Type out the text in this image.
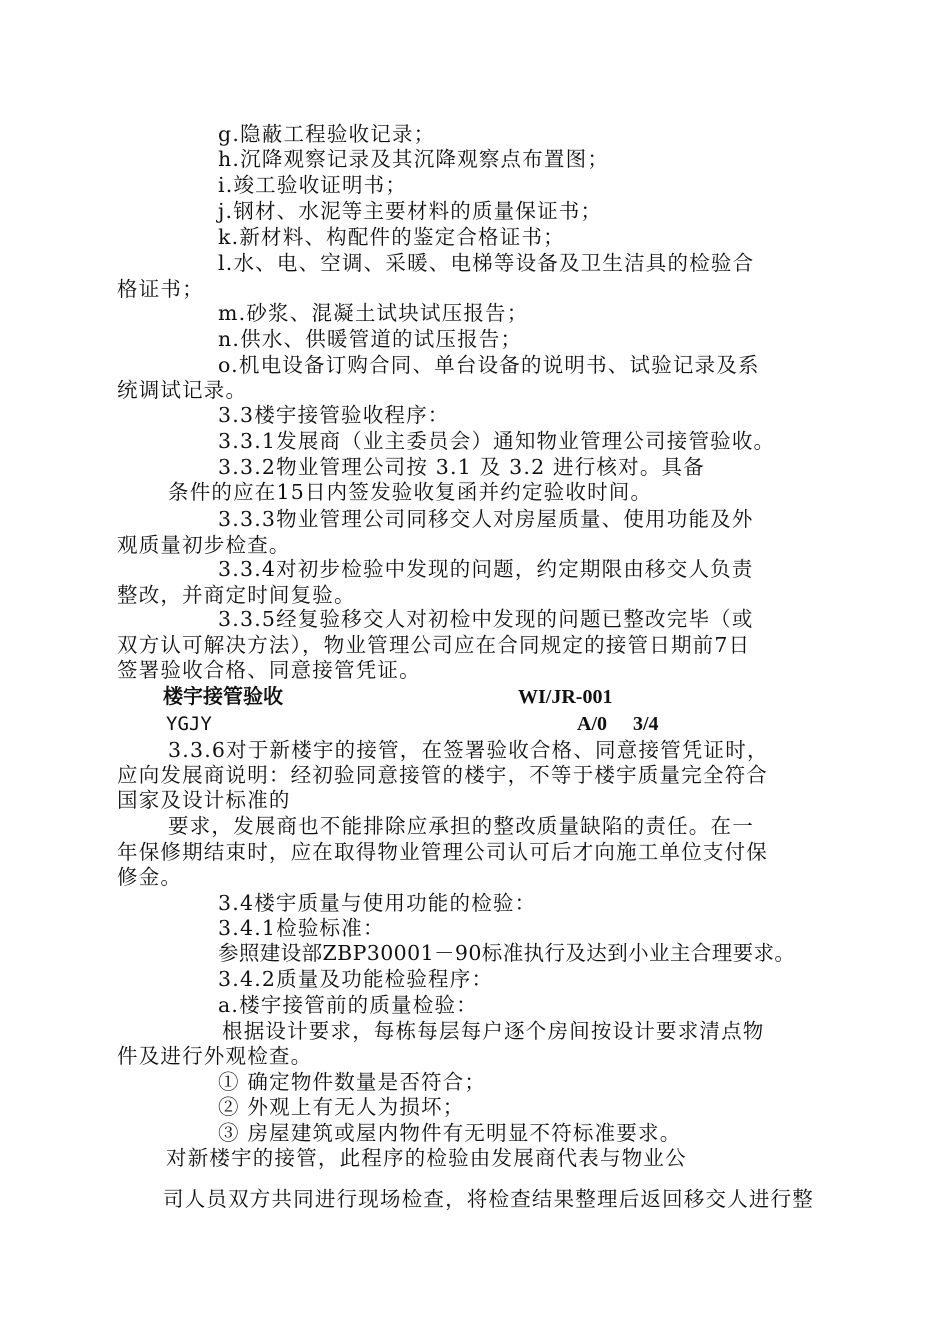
g.隐蔽工程验收记录；
h.沉降观察记录及其沉降观察点布置图；
i.竣工验收证明书；
j.钢材、水泥等主要材料的质量保证书；
k.新材料、构配件的鉴定合格证书；
l.水、电、空调、采暖、电梯等设备及卫生洁具的检验合
格证书；
m.砂浆、混凝土试块试压报告；
n.供水、供暖管道的试压报告；
o.机电设备订购合同、单台设备的说明书、试验记录及系
统调试记录。
3.3楼宇接管验收程序：
3.3.1发展商（业主委员会）通知物业管理公司接管验收。
3.3.2物业管理公司按 3.1 及 3.2 进行核对。具备
条件的应在15日内签发验收复函并约定验收时间。
3.3.3物业管理公司同移交人对房屋质量、使用功能及外
观质量初步检查。
3.3.4对初步检验中发现的问题，约定期限由移交人负责
整改，并商定时间复验。
3.3.5经复验移交人对初检中发现的问题已整改完毕（或
双方认可解决方法），物业管理公司应在合同规定的接管日期前7日
签署验收合格、同意接管凭证。
楼宇接管验收	WI/JR-001
YGJY	A/0 3/4
3.3.6对于新楼宇的接管，在签署验收合格、同意接管凭证时，
应向发展商说明：经初验同意接管的楼宇，不等于楼宇质量完全符合
国家及设计标准的
要求，发展商也不能排除应承担的整改质量缺陷的责任。在一
年保修期结束时，应在取得物业管理公司认可后才向施工单位支付保
修金。
3.4楼宇质量与使用功能的检验：
3.4.1检验标准：
参照建设部ZBP30001－90标准执行及达到小业主合理要求。
3.4.2质量及功能检验程序：
a.楼宇接管前的质量检验：
根据设计要求，每栋每层每户逐个房间按设计要求清点物
件及进行外观检查。
① 确定物件数量是否符合；
② 外观上有无人为损坏；
③ 房屋建筑或屋内物件有无明显不符标准要求。
对新楼宇的接管，此程序的检验由发展商代表与物业公
司人员双方共同进行现场检查，将检查结果整理后返回移交人进行整
